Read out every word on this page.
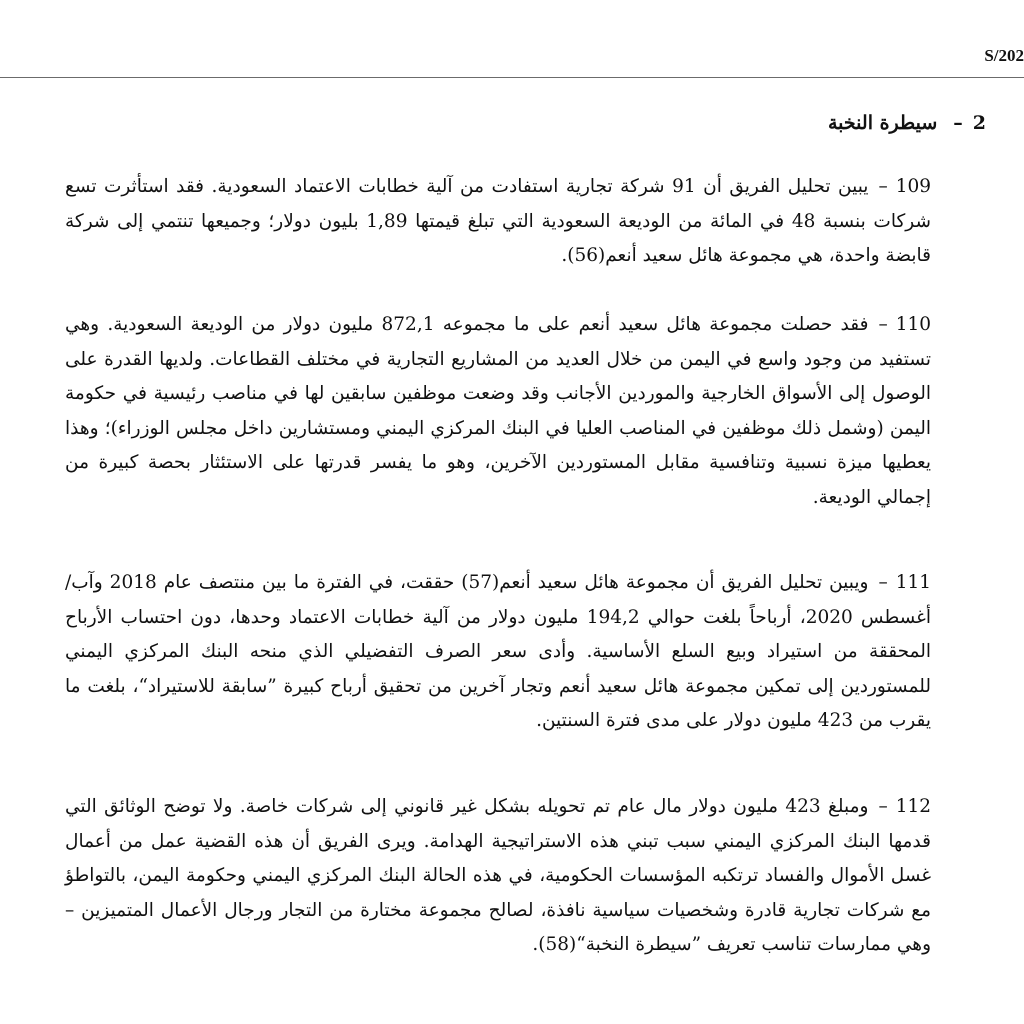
S/202
2–سيطرة النخبة
109–يبين تحليل الفريق أن 91 شركة تجارية استفادت من آلية خطابات الاعتماد السعودية. فقد استأثرت تسع شركات بنسبة 48 في المائة من الوديعة السعودية التي تبلغ قيمتها 1,89 بليون دولار؛ وجميعها تنتمي إلى شركة قابضة واحدة، هي مجموعة هائل سعيد أنعم(56).
110–فقد حصلت مجموعة هائل سعيد أنعم على ما مجموعه 872,1 مليون دولار من الوديعة السعودية. وهي تستفيد من وجود واسع في اليمن من خلال العديد من المشاريع التجارية في مختلف القطاعات. ولديها القدرة على الوصول إلى الأسواق الخارجية والموردين الأجانب وقد وضعت موظفين سابقين لها في مناصب رئيسية في حكومة اليمن (وشمل ذلك موظفين في المناصب العليا في البنك المركزي اليمني ومستشارين داخل مجلس الوزراء)؛ وهذا يعطيها ميزة نسبية وتنافسية مقابل المستوردين الآخرين، وهو ما يفسر قدرتها على الاستئثار بحصة كبيرة من إجمالي الوديعة.
111–ويبين تحليل الفريق أن مجموعة هائل سعيد أنعم(57) حققت، في الفترة ما بين منتصف عام 2018 وآب/أغسطس 2020، أرباحاً بلغت حوالي 194,2 مليون دولار من آلية خطابات الاعتماد وحدها، دون احتساب الأرباح المحققة من استيراد وبيع السلع الأساسية. وأدى سعر الصرف التفضيلي الذي منحه البنك المركزي اليمني للمستوردين إلى تمكين مجموعة هائل سعيد أنعم وتجار آخرين من تحقيق أرباح كبيرة ”سابقة للاستيراد“، بلغت ما يقرب من 423 مليون دولار على مدى فترة السنتين.
112–ومبلغ 423 مليون دولار مال عام تم تحويله بشكل غير قانوني إلى شركات خاصة. ولا توضح الوثائق التي قدمها البنك المركزي اليمني سبب تبني هذه الاستراتيجية الهدامة. ويرى الفريق أن هذه القضية عمل من أعمال غسل الأموال والفساد ترتكبه المؤسسات الحكومية، في هذه الحالة البنك المركزي اليمني وحكومة اليمن، بالتواطؤ مع شركات تجارية قادرة وشخصيات سياسية نافذة، لصالح مجموعة مختارة من التجار ورجال الأعمال المتميزين – وهي ممارسات تناسب تعريف ”سيطرة النخبة“(58).
